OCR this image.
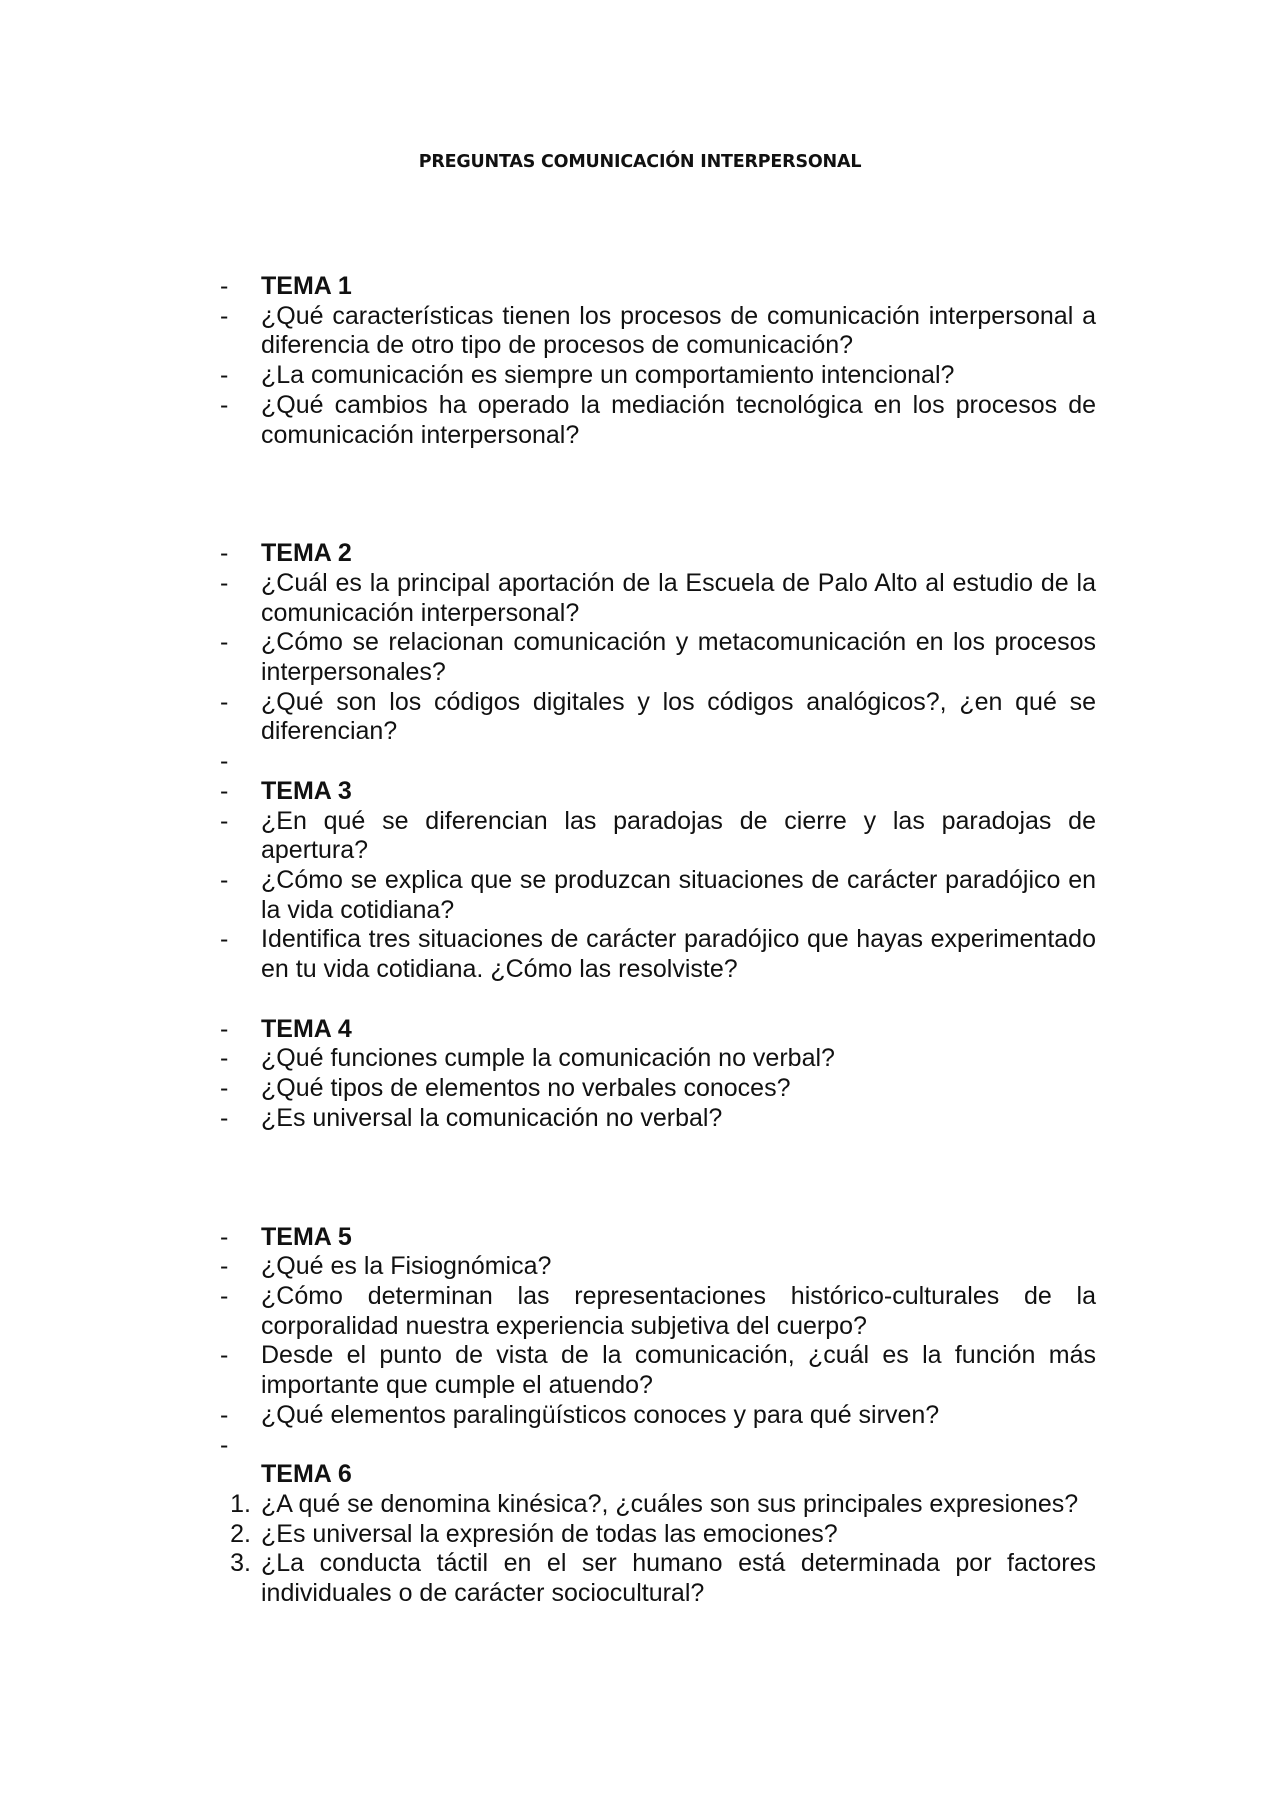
PREGUNTAS COMUNICACIÓN INTERPERSONAL
-	TEMA 1
-	¿Qué características tienen los procesos de comunicación interpersonal a diferencia de otro tipo de procesos de comunicación?
-	¿La comunicación es siempre un comportamiento intencional?
-	¿Qué cambios ha operado la mediación tecnológica en los procesos de comunicación interpersonal?
-	TEMA 2
-	¿Cuál es la principal aportación de la Escuela de Palo Alto al estudio de la comunicación interpersonal?
-	¿Cómo se relacionan comunicación y metacomunicación en los procesos interpersonales?
-	¿Qué son los códigos digitales y los códigos analógicos?, ¿en qué se diferencian?
-

-	TEMA 3
-	¿En qué se diferencian las paradojas de cierre y las paradojas de apertura?
-	¿Cómo se explica que se produzcan situaciones de carácter paradójico en la vida cotidiana?
-	Identifica tres situaciones de carácter paradójico que hayas experimentado en tu vida cotidiana. ¿Cómo las resolviste?
-	TEMA 4
-	¿Qué funciones cumple la comunicación no verbal?
-	¿Qué tipos de elementos no verbales conoces?
-	¿Es universal la comunicación no verbal?
-	TEMA 5
-	¿Qué es la Fisiognómica?
-	¿Cómo determinan las representaciones histórico-culturales de la corporalidad nuestra experiencia subjetiva del cuerpo?
-	Desde el punto de vista de la comunicación, ¿cuál es la función más importante que cumple el atuendo?
-	¿Qué elementos paralingüísticos conoces y para qué sirven?
-

TEMA 6
1. ¿A qué se denomina kinésica?, ¿cuáles son sus principales expresiones?
2. ¿Es universal la expresión de todas las emociones?
3. ¿La conducta táctil en el ser humano está determinada por factores individuales o de carácter sociocultural?
